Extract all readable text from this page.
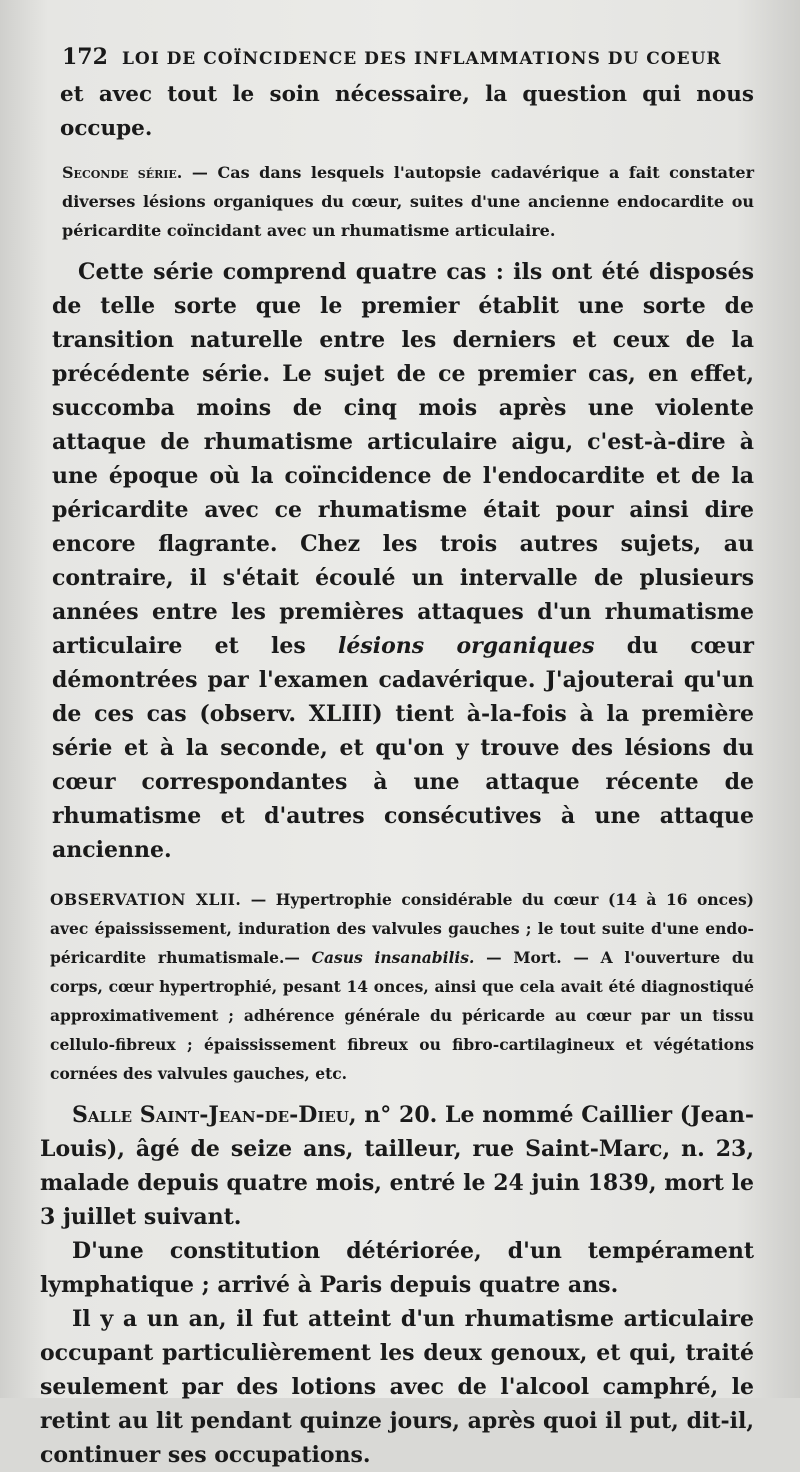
172 LOI DE COÏNCIDENCE DES INFLAMMATIONS DU COEUR

et avec tout le soin nécessaire, la question qui nous occupe.

Seconde série. — Cas dans lesquels l'autopsie cadavérique a fait constater diverses lésions organiques du cœur, suites d'une ancienne endocardite ou péricardite coïncidant avec un rhumatisme articulaire.

Cette série comprend quatre cas : ils ont été disposés de telle sorte que le premier établit une sorte de transition naturelle entre les derniers et ceux de la précédente série. Le sujet de ce premier cas, en effet, succomba moins de cinq mois après une violente attaque de rhumatisme articulaire aigu, c'est-à-dire à une époque où la coïncidence de l'endocardite et de la péricardite avec ce rhumatisme était pour ainsi dire encore flagrante. Chez les trois autres sujets, au contraire, il s'était écoulé un intervalle de plusieurs années entre les premières attaques d'un rhumatisme articulaire et les lésions organiques du cœur démontrées par l'examen cadavérique. J'ajouterai qu'un de ces cas (observ. XLIII) tient à-la-fois à la première série et à la seconde, et qu'on y trouve des lésions du cœur correspondantes à une attaque récente de rhumatisme et d'autres consécutives à une attaque ancienne.

OBSERVATION XLII. — Hypertrophie considérable du cœur (14 à 16 onces) avec épaississement, induration des valvules gauches ; le tout suite d'une endo-péricardite rhumatismale.— Casus insanabilis. — Mort. — A l'ouverture du corps, cœur hypertrophié, pesant 14 onces, ainsi que cela avait été diagnostiqué approximativement ; adhérence générale du péricarde au cœur par un tissu cellulo-fibreux ; épaississement fibreux ou fibro-cartilagineux et végétations cornées des valvules gauches, etc.

Salle Saint-Jean-de-Dieu, n° 20. Le nommé Caillier (Jean-Louis), âgé de seize ans, tailleur, rue Saint-Marc, n. 23, malade depuis quatre mois, entré le 24 juin 1839, mort le 3 juillet suivant.

D'une constitution détériorée, d'un tempérament lymphatique ; arrivé à Paris depuis quatre ans.

Il y a un an, il fut atteint d'un rhumatisme articulaire occupant particulièrement les deux genoux, et qui, traité seulement par des lotions avec de l'alcool camphré, le retint au lit pendant quinze jours, après quoi il put, dit-il, continuer ses occupations.
